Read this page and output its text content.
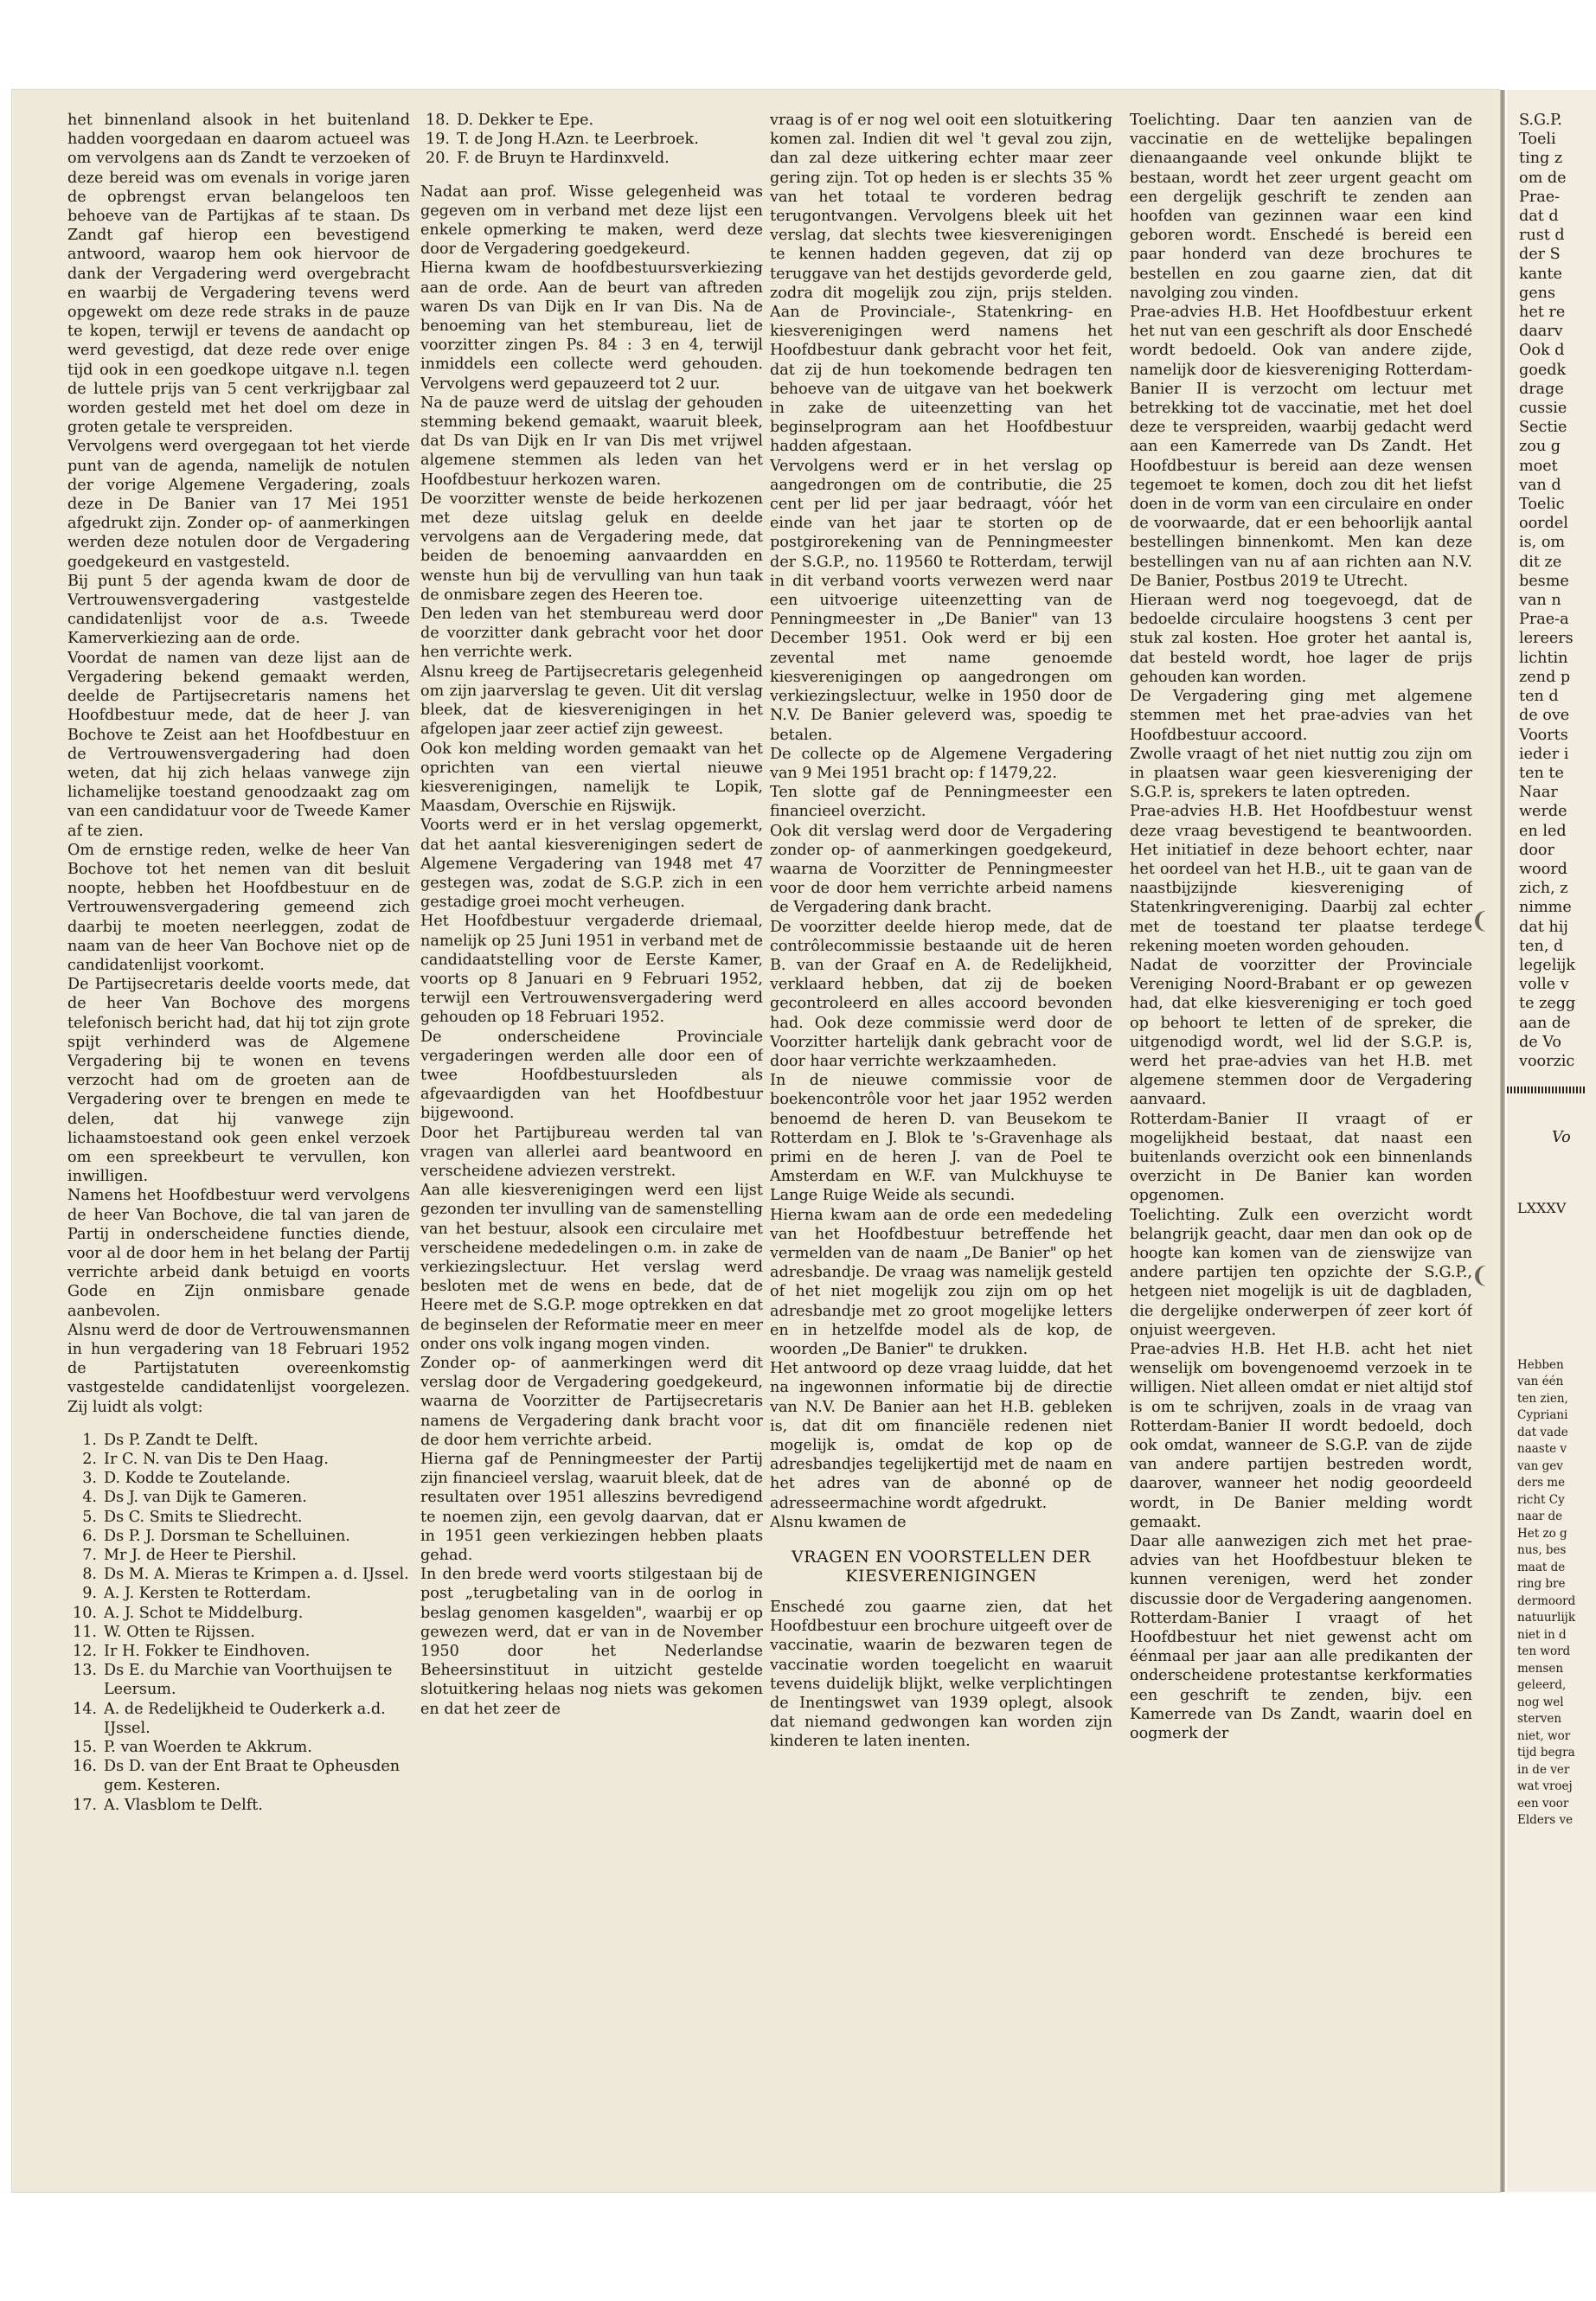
het binnenland alsook in het buitenland hadden voorgedaan en daarom actueel was om vervolgens aan ds Zandt te verzoeken of deze bereid was om evenals in vorige jaren de opbrengst ervan belangeloos ten behoeve van de Partijkas af te staan. Ds Zandt gaf hierop een bevestigend antwoord, waarop hem ook hiervoor de dank der Vergadering werd overgebracht en waarbij de Vergadering tevens werd opgewekt om deze rede straks in de pauze te kopen, terwijl er tevens de aandacht op werd gevestigd, dat deze rede over enige tijd ook in een goedkope uitgave n.l. tegen de luttele prijs van 5 cent verkrijgbaar zal worden gesteld met het doel om deze in groten getale te verspreiden.

Vervolgens werd overgegaan tot het vierde punt van de agenda, namelijk de notulen der vorige Algemene Vergadering, zoals deze in De Banier van 17 Mei 1951 afgedrukt zijn. Zonder op- of aanmerkingen werden deze notulen door de Vergadering goedgekeurd en vastgesteld.

Bij punt 5 der agenda kwam de door de Vertrouwensvergadering vastgestelde candidatenlijst voor de a.s. Tweede Kamerverkiezing aan de orde.

Voordat de namen van deze lijst aan de Vergadering bekend gemaakt werden, deelde de Partijsecretaris namens het Hoofdbestuur mede, dat de heer J. van Bochove te Zeist aan het Hoofdbestuur en de Vertrouwensvergadering had doen weten, dat hij zich helaas vanwege zijn lichamelijke toestand genoodzaakt zag om van een candidatuur voor de Tweede Kamer af te zien.

Om de ernstige reden, welke de heer Van Bochove tot het nemen van dit besluit noopte, hebben het Hoofdbestuur en de Vertrouwensvergadering gemeend zich daarbij te moeten neerleggen, zodat de naam van de heer Van Bochove niet op de candidatenlijst voorkomt.

De Partijsecretaris deelde voorts mede, dat de heer Van Bochove des morgens telefonisch bericht had, dat hij tot zijn grote spijt verhinderd was de Algemene Vergadering bij te wonen en tevens verzocht had om de groeten aan de Vergadering over te brengen en mede te delen, dat hij vanwege zijn lichaamstoestand ook geen enkel verzoek om een spreekbeurt te vervullen, kon inwilligen.

Namens het Hoofdbestuur werd vervolgens de heer Van Bochove, die tal van jaren de Partij in onderscheidene functies diende, voor al de door hem in het belang der Partij verrichte arbeid dank betuigd en voorts Gode en Zijn onmisbare genade aanbevolen.

Alsnu werd de door de Vertrouwensmannen in hun vergadering van 18 Februari 1952 de Partijstatuten overeenkomstig vastgestelde candidatenlijst voorgelezen. Zij luidt als volgt:

1. Ds P. Zandt te Delft.
2. Ir C. N. van Dis te Den Haag.
3. D. Kodde te Zoutelande.
4. Ds J. van Dijk te Gameren.
5. Ds C. Smits te Sliedrecht.
6. Ds P. J. Dorsman te Schelluinen.
7. Mr J. de Heer te Piershil.
8. Ds M. A. Mieras te Krimpen a. d. IJssel.
9. A. J. Kersten te Rotterdam.
10. A. J. Schot te Middelburg.
11. W. Otten te Rijssen.
12. Ir H. Fokker te Eindhoven.
13. Ds E. du Marchie van Voorthuijsen te Leersum.
14. A. de Redelijkheid te Ouderkerk a.d. IJssel.
15. P. van Woerden te Akkrum.
16. Ds D. van der Ent Braat te Opheusden gem. Kesteren.
17. A. Vlasblom te Delft.
18. D. Dekker te Epe.
19. T. de Jong H.Azn. te Leerbroek.
20. F. de Bruyn te Hardinxveld.

Nadat aan prof. Wisse gelegenheid was gegeven om in verband met deze lijst een enkele opmerking te maken, werd deze door de Vergadering goedgekeurd.

Hierna kwam de hoofdbestuursverkiezing aan de orde. Aan de beurt van aftreden waren Ds van Dijk en Ir van Dis. Na de benoeming van het stembureau, liet de voorzitter zingen Ps. 84 : 3 en 4, terwijl inmiddels een collecte werd gehouden. Vervolgens werd gepauzeerd tot 2 uur.

Na de pauze werd de uitslag der gehouden stemming bekend gemaakt, waaruit bleek, dat Ds van Dijk en Ir van Dis met vrijwel algemene stemmen als leden van het Hoofdbestuur herkozen waren.

De voorzitter wenste de beide herkozenen met deze uitslag geluk en deelde vervolgens aan de Vergadering mede, dat beiden de benoeming aanvaardden en wenste hun bij de vervulling van hun taak de onmisbare zegen des Heeren toe.

Den leden van het stembureau werd door de voorzitter dank gebracht voor het door hen verrichte werk.

Alsnu kreeg de Partijsecretaris gelegenheid om zijn jaarverslag te geven. Uit dit verslag bleek, dat de kiesverenigingen in het afgelopen jaar zeer actief zijn geweest.

Ook kon melding worden gemaakt van het oprichten van een viertal nieuwe kiesverenigingen, namelijk te Lopik, Maasdam, Overschie en Rijswijk.

Voorts werd er in het verslag opgemerkt, dat het aantal kiesverenigingen sedert de Algemene Vergadering van 1948 met 47 gestegen was, zodat de S.G.P. zich in een gestadige groei mocht verheugen.

Het Hoofdbestuur vergaderde driemaal, namelijk op 25 Juni 1951 in verband met de candidaatstelling voor de Eerste Kamer, voorts op 8 Januari en 9 Februari 1952, terwijl een Vertrouwensvergadering werd gehouden op 18 Februari 1952.

De onderscheidene Provinciale vergaderingen werden alle door een of twee Hoofdbestuursleden als afgevaardigden van het Hoofdbestuur bijgewoond.

Door het Partijbureau werden tal van vragen van allerlei aard beantwoord en verscheidene adviezen verstrekt.

Aan alle kiesverenigingen werd een lijst gezonden ter invulling van de samenstelling van het bestuur, alsook een circulaire met verscheidene mededelingen o.m. in zake de verkiezingslectuur. Het verslag werd besloten met de wens en bede, dat de Heere met de S.G.P. moge optrekken en dat de beginselen der Reformatie meer en meer onder ons volk ingang mogen vinden.

Zonder op- of aanmerkingen werd dit verslag door de Vergadering goedgekeurd, waarna de Voorzitter de Partijsecretaris namens de Vergadering dank bracht voor de door hem verrichte arbeid.

Hierna gaf de Penningmeester der Partij zijn financieel verslag, waaruit bleek, dat de resultaten over 1951 alleszins bevredigend te noemen zijn, een gevolg daarvan, dat er in 1951 geen verkiezingen hebben plaats gehad.

In den brede werd voorts stilgestaan bij de post „terugbetaling van in de oorlog in beslag genomen kasgelden", waarbij er op gewezen werd, dat er van in de November 1950 door het Nederlandse Beheersinstituut in uitzicht gestelde slotuitkering helaas nog niets was gekomen en dat het zeer de

vraag is of er nog wel ooit een slotuitkering komen zal. Indien dit wel 't geval zou zijn, dan zal deze uitkering echter maar zeer gering zijn. Tot op heden is er slechts 35 % van het totaal te vorderen bedrag terugontvangen. Vervolgens bleek uit het verslag, dat slechts twee kiesverenigingen te kennen hadden gegeven, dat zij op teruggave van het destijds gevorderde geld, zodra dit mogelijk zou zijn, prijs stelden. Aan de Provinciale-, Statenkring- en kiesverenigingen werd namens het Hoofdbestuur dank gebracht voor het feit, dat zij de hun toekomende bedragen ten behoeve van de uitgave van het boekwerk in zake de uiteenzetting van het beginselprogram aan het Hoofdbestuur hadden afgestaan.

Vervolgens werd er in het verslag op aangedrongen om de contributie, die 25 cent per lid per jaar bedraagt, vóór het einde van het jaar te storten op de postgirorekening van de Penningmeester der S.G.P., no. 119560 te Rotterdam, terwijl in dit verband voorts verwezen werd naar een uitvoerige uiteenzetting van de Penningmeester in „De Banier" van 13 December 1951. Ook werd er bij een zevental met name genoemde kiesverenigingen op aangedrongen om verkiezingslectuur, welke in 1950 door de N.V. De Banier geleverd was, spoedig te betalen.

De collecte op de Algemene Vergadering van 9 Mei 1951 bracht op: f 1479,22.

Ten slotte gaf de Penningmeester een financieel overzicht.

Ook dit verslag werd door de Vergadering zonder op- of aanmerkingen goedgekeurd, waarna de Voorzitter de Penningmeester voor de door hem verrichte arbeid namens de Vergadering dank bracht.

De voorzitter deelde hierop mede, dat de contrôlecommissie bestaande uit de heren B. van der Graaf en A. de Redelijkheid, verklaard hebben, dat zij de boeken gecontroleerd en alles accoord bevonden had. Ook deze commissie werd door de Voorzitter hartelijk dank gebracht voor de door haar verrichte werkzaamheden.

In de nieuwe commissie voor de boekencontrôle voor het jaar 1952 werden benoemd de heren D. van Beusekom te Rotterdam en J. Blok te 's-Gravenhage als primi en de heren J. van de Poel te Amsterdam en W.F. van Mulckhuyse te Lange Ruige Weide als secundi.

Hierna kwam aan de orde een mededeling van het Hoofdbestuur betreffende het vermelden van de naam „De Banier" op het adresbandje. De vraag was namelijk gesteld of het niet mogelijk zou zijn om op het adresbandje met zo groot mogelijke letters en in hetzelfde model als de kop, de woorden „De Banier" te drukken.

Het antwoord op deze vraag luidde, dat het na ingewonnen informatie bij de directie van N.V. De Banier aan het H.B. gebleken is, dat dit om financiële redenen niet mogelijk is, omdat de kop op de adresbandjes tegelijkertijd met de naam en het adres van de abonné op de adresseermachine wordt afgedrukt.

Alsnu kwamen de

VRAGEN EN VOORSTELLEN DER KIESVERENIGINGEN

Enschedé zou gaarne zien, dat het Hoofdbestuur een brochure uitgeeft over de vaccinatie, waarin de bezwaren tegen de vaccinatie worden toegelicht en waaruit tevens duidelijk blijkt, welke verplichtingen de Inentingswet van 1939 oplegt, alsook dat niemand gedwongen kan worden zijn kinderen te laten inenten.

Toelichting. Daar ten aanzien van de vaccinatie en de wettelijke bepalingen dienaangaande veel onkunde blijkt te bestaan, wordt het zeer urgent geacht om een dergelijk geschrift te zenden aan hoofden van gezinnen waar een kind geboren wordt. Enschedé is bereid een paar honderd van deze brochures te bestellen en zou gaarne zien, dat dit navolging zou vinden.

Prae-advies H.B. Het Hoofdbestuur erkent het nut van een geschrift als door Enschedé wordt bedoeld. Ook van andere zijde, namelijk door de kiesvereniging Rotterdam-Banier II is verzocht om lectuur met betrekking tot de vaccinatie, met het doel deze te verspreiden, waarbij gedacht werd aan een Kamerrede van Ds Zandt. Het Hoofdbestuur is bereid aan deze wensen tegemoet te komen, doch zou dit het liefst doen in de vorm van een circulaire en onder de voorwaarde, dat er een behoorlijk aantal bestellingen binnenkomt. Men kan deze bestellingen van nu af aan richten aan N.V. De Banier, Postbus 2019 te Utrecht.

Hieraan werd nog toegevoegd, dat de bedoelde circulaire hoogstens 3 cent per stuk zal kosten. Hoe groter het aantal is, dat besteld wordt, hoe lager de prijs gehouden kan worden.

De Vergadering ging met algemene stemmen met het prae-advies van het Hoofdbestuur accoord.

Zwolle vraagt of het niet nuttig zou zijn om in plaatsen waar geen kiesvereniging der S.G.P. is, sprekers te laten optreden.

Prae-advies H.B. Het Hoofdbestuur wenst deze vraag bevestigend te beantwoorden. Het initiatief in deze behoort echter, naar het oordeel van het H.B., uit te gaan van de naastbijzijnde kiesvereniging of Statenkringvereniging. Daarbij zal echter met de toestand ter plaatse terdege rekening moeten worden gehouden.

Nadat de voorzitter der Provinciale Vereniging Noord-Brabant er op gewezen had, dat elke kiesvereniging er toch goed op behoort te letten of de spreker, die uitgenodigd wordt, wel lid der S.G.P. is, werd het prae-advies van het H.B. met algemene stemmen door de Vergadering aanvaard.

Rotterdam-Banier II vraagt of er mogelijkheid bestaat, dat naast een buitenlands overzicht ook een binnenlands overzicht in De Banier kan worden opgenomen.

Toelichting. Zulk een overzicht wordt belangrijk geacht, daar men dan ook op de hoogte kan komen van de zienswijze van andere partijen ten opzichte der S.G.P., hetgeen niet mogelijk is uit de dagbladen, die dergelijke onderwerpen óf zeer kort óf onjuist weergeven.

Prae-advies H.B. Het H.B. acht het niet wenselijk om bovengenoemd verzoek in te willigen. Niet alleen omdat er niet altijd stof is om te schrijven, zoals in de vraag van Rotterdam-Banier II wordt bedoeld, doch ook omdat, wanneer de S.G.P. van de zijde van andere partijen bestreden wordt, daarover, wanneer het nodig geoordeeld wordt, in De Banier melding wordt gemaakt.

Daar alle aanwezigen zich met het prae-advies van het Hoofdbestuur bleken te kunnen verenigen, werd het zonder discussie door de Vergadering aangenomen.

Rotterdam-Banier I vraagt of het Hoofdbestuur het niet gewenst acht om éénmaal per jaar aan alle predikanten der onderscheidene protestantse kerkformaties een geschrift te zenden, bijv. een Kamerrede van Ds Zandt, waarin doel en oogmerk der

S.G.P.
Toeli
ting z
om de
Prae-
dat d
rust d
der S
kante
gens
het re
daarv
Ook d
goedk
drage
cussie
Sectie
zou g
moet
van d
Toelic
oordel
is, om
dit ze
besme
van n
Prae-a
lereers
lichtin
zend p
ten d
de ove
Voorts
ieder i
ten te
Naar
werde
en led
door
woord
zich, z
nimme
dat hij
ten, d
legelijk
volle v
te zegg
aan de
de Vo
voorzic
Vo
LXXXV
Hebben
van één
ten zien,
Cypriani
dat vade
naaste v
van gev
ders me
richt Cy
naar de
Het zo g
nus, bes
maat de
ring bre
dermoord
natuurlijk
niet in d
ten word
mensen
geleerd,
nog wel
sterven
niet, wor
tijd begra
in de ver
wat vroej
een voor
Elders ve
❨
❨
